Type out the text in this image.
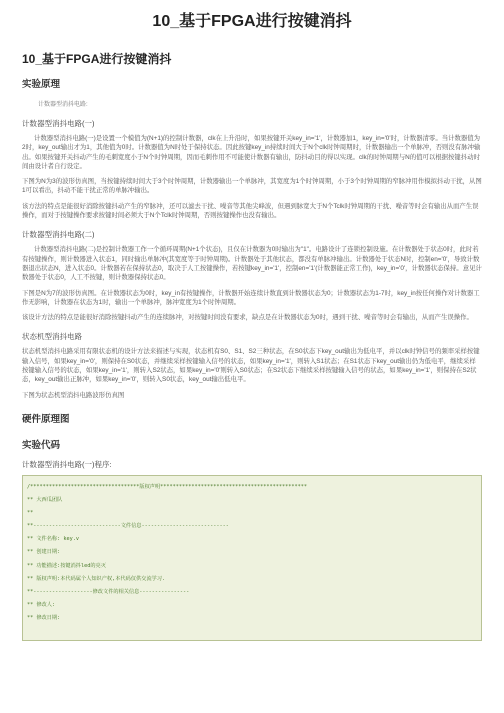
10_基于FPGA进行按键消抖
10_基于FPGA进行按键消抖
实验原理
计数器型消抖电路:
计数器型消抖电路(一)

计数器型消抖电路(一)是设置一个模值为(N+1)的控制计数器，clk在上升沿时，如果按键开关key_in='1'，计数器加1，key_in='0'时，计数器清零。当计数器值为2时，key_out输出才为1，其他值为0时。计数器值为N时处于保持状态。因此按键key_in持续时间大于N个clk时钟周期时，计数器输出一个单脉冲，否则没有脉冲输出。如果按键开关抖动产生的毛刺宽度小于N个时钟周期，因而毛刺作用不可能使计数器有输出，防抖动目的得以实现。clk的时钟周期与N的值可以根据按键抖动时间由设计者自行设定。

下图为N为3的波形仿真图，当按键持续时间大于3个时钟周期，计数器输出一个单脉冲，其宽度为1个时钟周期，小于3个时钟周期的窄脉冲用作模拟抖动干扰，从图1可以看出，抖动不能干扰正常的单脉冲输出。

该方法的特点是能很好消除按键抖动产生的窄脉冲，还可以滤去干扰、噪音等其他尖峰波，但遇到脉宽大于N个Tclk时钟周期的干扰、噪音等时会有输出从而产生误操作，而对于按键操作要求按键时间必须大于N个Tclk时钟周期，否则按键操作也没有输出。

计数器型消抖电路(二)

计数器型消抖电路(二)是控制计数器工作一个循环周期(N+1个状态)，且仅在计数器为0时输出为"1"。电路设计了连锁控制设施。在计数器处于状态0时，此时若有按键操作，则计数器进入状态1，同时输出单脉冲(其宽度等于时钟周期)。计数器处于其他状态，都没有单脉冲输出。计数器处于状态N时，控制en='0'，导致计数器退出状态N，进入状态0。计数器若在保持状态0，取决于人工按键操作，若按键key_in='1'，控制en='1'(计数器能正常工作)，key_in='0'，计数器状态保持。意见计数器处于状态0，人工不按键，则计数器保持状态0。

下图是N为7的波形仿真图。在计数器状态为0时，key_in有按键操作，计数器开始连续计数直到计数器状态为0；计数器状态为1-7时，key_in按任何操作对计数器工作无影响，计数器在状态为1时，输出一个单脉冲，脉冲宽度为1个时钟周期。

该设计方法的特点是能很好消除按键抖动产生的连续脉冲，对按键时间没有要求，缺点是在计数器状态为0时，遇到干扰、噪音等时会有输出，从而产生误操作。

状态机型消抖电路

状态机型消抖电路采用有限状态机的设计方法来描述与实现，状态机有S0、S1、S2三种状态，在S0状态下key_out输出为低电平，并以clk时钟信号的频率采样按键输入信号，如果key_in='0'，则保持在S0状态，并继续采样按键输入信号的状态，如果key_in='1'，则转入S1状态；在S1状态下key_out输出仍为低电平，继续采样按键输入信号的状态，如果key_in='1'，则转入S2状态，如果key_in='0'则转入S0状态；在S2状态下继续采样按键输入信号的状态，如果key_in='1'，则保持在S2状态，key_out输出正脉冲，如果key_in='0'，则转入S0状态，key_out输出低电平。

下图为状态机型消抖电路波形仿真图

硬件原理图
实验代码
计数器型消抖电路(一)程序:
/***********************************版权声明***********************************************
** 大西瓜团队
**
**----------------------------文件信息----------------------------
** 文件名称: key.v
** 创建日期:
** 功能描述:按键消抖led的亮灭
** 版权声明:本代码属个人知识产权,本代码仅供交流学习.
**-------------------修改文件的相关信息----------------
** 修改人:
** 修改日期:
